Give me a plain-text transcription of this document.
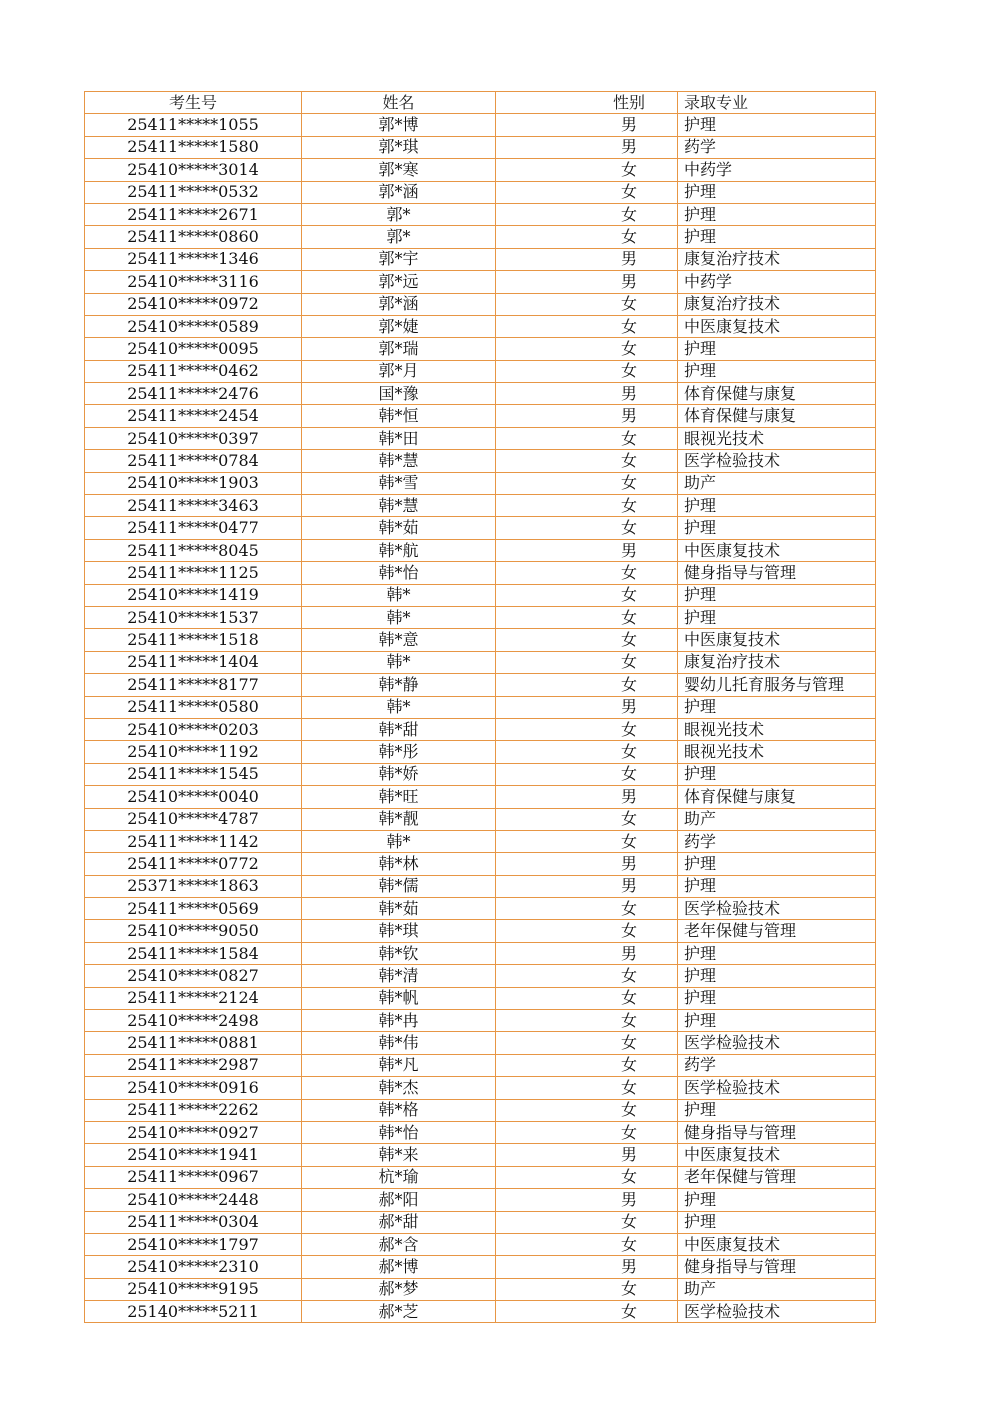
考生号	姓名	性别	录取专业
25411*****1055	郭*博	男	护理
25411*****1580	郭*琪	男	药学
25410*****3014	郭*寒	女	中药学
25411*****0532	郭*涵	女	护理
25411*****2671	郭*	女	护理
25411*****0860	郭*	女	护理
25411*****1346	郭*宇	男	康复治疗技术
25410*****3116	郭*远	男	中药学
25410*****0972	郭*涵	女	康复治疗技术
25410*****0589	郭*婕	女	中医康复技术
25410*****0095	郭*瑞	女	护理
25411*****0462	郭*月	女	护理
25411*****2476	国*豫	男	体育保健与康复
25411*****2454	韩*恒	男	体育保健与康复
25410*****0397	韩*田	女	眼视光技术
25411*****0784	韩*慧	女	医学检验技术
25410*****1903	韩*雪	女	助产
25411*****3463	韩*慧	女	护理
25411*****0477	韩*茹	女	护理
25411*****8045	韩*航	男	中医康复技术
25411*****1125	韩*怡	女	健身指导与管理
25410*****1419	韩*	女	护理
25410*****1537	韩*	女	护理
25411*****1518	韩*意	女	中医康复技术
25411*****1404	韩*	女	康复治疗技术
25411*****8177	韩*静	女	婴幼儿托育服务与管理
25411*****0580	韩*	男	护理
25410*****0203	韩*甜	女	眼视光技术
25410*****1192	韩*彤	女	眼视光技术
25411*****1545	韩*娇	女	护理
25410*****0040	韩*旺	男	体育保健与康复
25410*****4787	韩*靓	女	助产
25411*****1142	韩*	女	药学
25411*****0772	韩*林	男	护理
25371*****1863	韩*儒	男	护理
25411*****0569	韩*茹	女	医学检验技术
25410*****9050	韩*琪	女	老年保健与管理
25411*****1584	韩*钦	男	护理
25410*****0827	韩*清	女	护理
25411*****2124	韩*帆	女	护理
25410*****2498	韩*冉	女	护理
25411*****0881	韩*伟	女	医学检验技术
25411*****2987	韩*凡	女	药学
25410*****0916	韩*杰	女	医学检验技术
25411*****2262	韩*格	女	护理
25410*****0927	韩*怡	女	健身指导与管理
25410*****1941	韩*来	男	中医康复技术
25411*****0967	杭*瑜	女	老年保健与管理
25410*****2448	郝*阳	男	护理
25411*****0304	郝*甜	女	护理
25410*****1797	郝*含	女	中医康复技术
25410*****2310	郝*博	男	健身指导与管理
25410*****9195	郝*梦	女	助产
25140*****5211	郝*芝	女	医学检验技术
